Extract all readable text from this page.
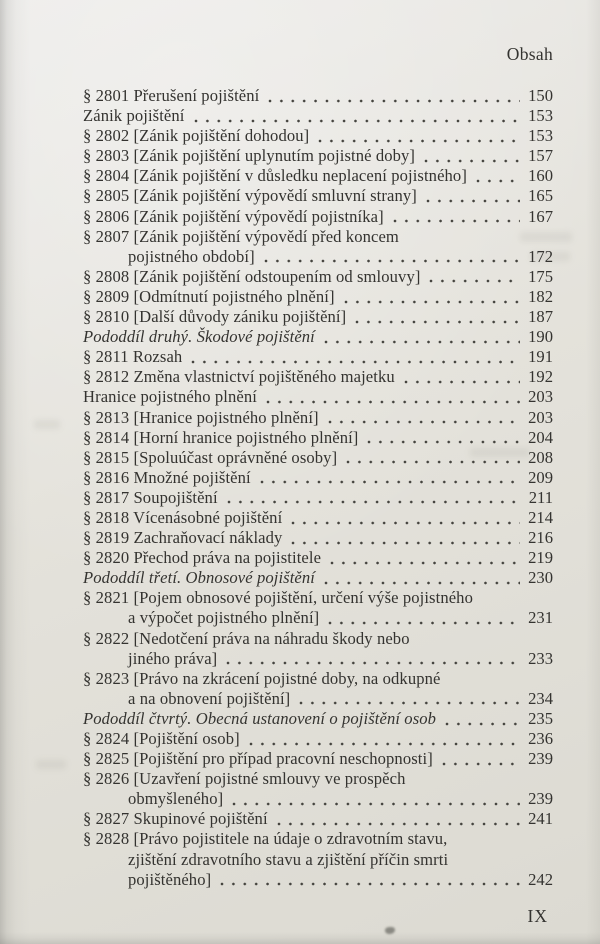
Obsah
§ 2801 Přerušení pojištění	150
Zánik pojištění	153
§ 2802 [Zánik pojištění dohodou]	153
§ 2803 [Zánik pojištění uplynutím pojistné doby]	157
§ 2804 [Zánik pojištění v důsledku neplacení pojistného]	160
§ 2805 [Zánik pojištění výpovědí smluvní strany]	165
§ 2806 [Zánik pojištění výpovědí pojistníka]	167
§ 2807 [Zánik pojištění výpovědí před koncem
pojistného období]	172
§ 2808 [Zánik pojištění odstoupením od smlouvy]	175
§ 2809 [Odmítnutí pojistného plnění]	182
§ 2810 [Další důvody zániku pojištění]	187
Pododdíl druhý. Škodové pojištění	190
§ 2811 Rozsah	191
§ 2812 Změna vlastnictví pojištěného majetku	192
Hranice pojistného plnění	203
§ 2813 [Hranice pojistného plnění]	203
§ 2814 [Horní hranice pojistného plnění]	204
§ 2815 [Spoluúčast oprávněné osoby]	208
§ 2816 Množné pojištění	209
§ 2817 Soupojištění	211
§ 2818 Vícenásobné pojištění	214
§ 2819 Zachraňovací náklady	216
§ 2820 Přechod práva na pojistitele	219
Pododdíl třetí. Obnosové pojištění	230
§ 2821 [Pojem obnosové pojištění, určení výše pojistného
a výpočet pojistného plnění]	231
§ 2822 [Nedotčení práva na náhradu škody nebo
jiného práva]	233
§ 2823 [Právo na zkrácení pojistné doby, na odkupné
a na obnovení pojištění]	234
Pododdíl čtvrtý. Obecná ustanovení o pojištění osob	235
§ 2824 [Pojištění osob]	236
§ 2825 [Pojištění pro případ pracovní neschopnosti]	239
§ 2826 [Uzavření pojistné smlouvy ve prospěch
obmyšleného]	239
§ 2827 Skupinové pojištění	241
§ 2828 [Právo pojistitele na údaje o zdravotním stavu,
zjištění zdravotního stavu a zjištění příčin smrti
pojištěného]	242
IX
